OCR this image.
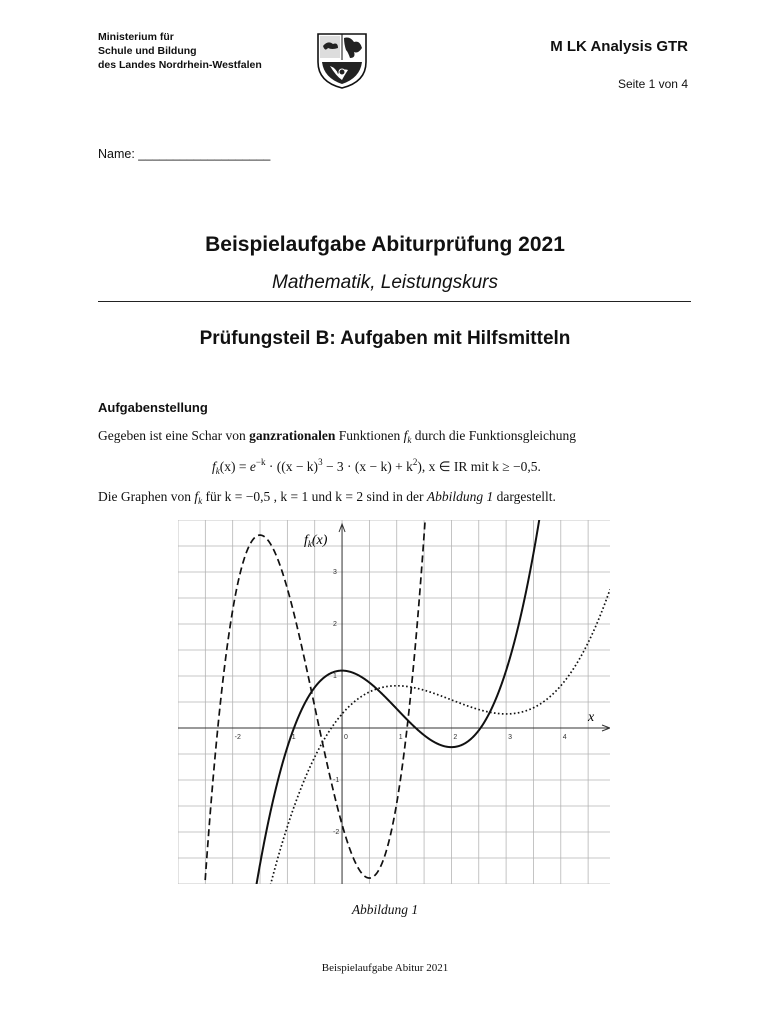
Ministerium für
Schule und Bildung
des Landes Nordrhein-Westfalen
M LK Analysis GTR
Seite 1 von 4
Name: ___________________
Beispielaufgabe Abiturprüfung 2021
Mathematik, Leistungskurs
Prüfungsteil B: Aufgaben mit Hilfsmitteln
Aufgabenstellung
Gegeben ist eine Schar von ganzrationalen Funktionen $f_k$ durch die Funktionsgleichung
$f_k(x) = e^{-k} \cdot ((x - k)^3 - 3 \cdot (x - k) + k^2)$, x ∈ IR mit k ≥ −0,5.
Die Graphen von $f_k$ für k = −0,5 , k = 1 und k = 2 sind in der Abbildung 1 dargestellt.
-2	-1	0	1	2	3	4
3
2
1
-1
-2
$f_k(x)$
x
Abbildung 1
Beispielaufgabe Abitur 2021
